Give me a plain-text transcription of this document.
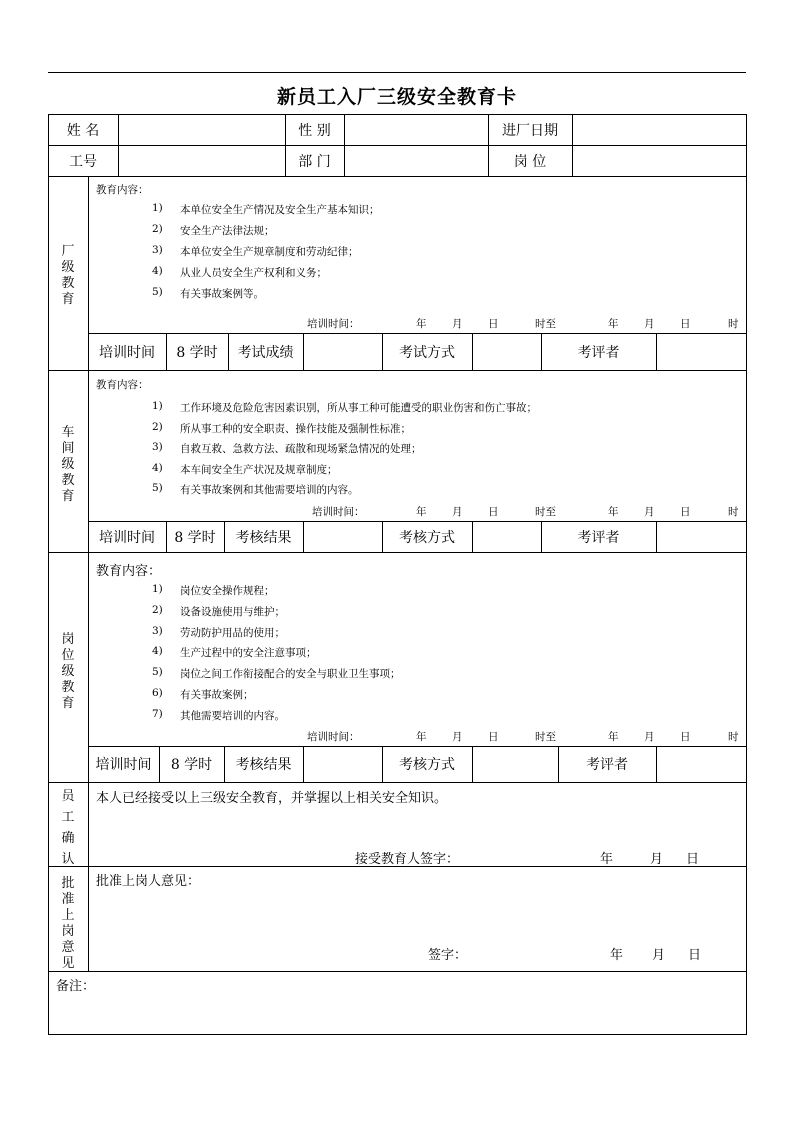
新员工入厂三级安全教育卡
姓 名	性 别	进厂日期
工号	部 门	岗 位
厂级教育
教育内容：
1) 本单位安全生产情况及安全生产基本知识；
2) 安全生产法律法规；
3) 本单位安全生产规章制度和劳动纪律；
4) 从业人员安全生产权利和义务；
5) 有关事故案例等。
培训时间：	年 月 日	时至	年 月 日	时
培训时间	8 学时	考试成绩	考试方式	考评者
车间级教育
教育内容：
1) 工作环境及危险危害因素识别，所从事工种可能遭受的职业伤害和伤亡事故；
2) 所从事工种的安全职责、操作技能及强制性标准；
3) 自救互救、急救方法、疏散和现场紧急情况的处理；
4) 本车间安全生产状况及规章制度；
5) 有关事故案例和其他需要培训的内容。
培训时间：	年 月 日	时至	年 月 日	时
培训时间	8 学时	考核结果	考核方式	考评者
岗位级教育
教育内容：
1) 岗位安全操作规程；
2) 设备设施使用与维护；
3) 劳动防护用品的使用；
4) 生产过程中的安全注意事项；
5) 岗位之间工作衔接配合的安全与职业卫生事项；
6) 有关事故案例；
7) 其他需要培训的内容。
培训时间：	年 月 日	时至	年 月 日	时
培训时间	8 学时	考核结果	考核方式	考评者
员工确认
本人已经接受以上三级安全教育，并掌握以上相关安全知识。
接受教育人签字：	年	月 日
批准上岗意见
批准上岗人意见：
签字：	年 月 日
备注：
